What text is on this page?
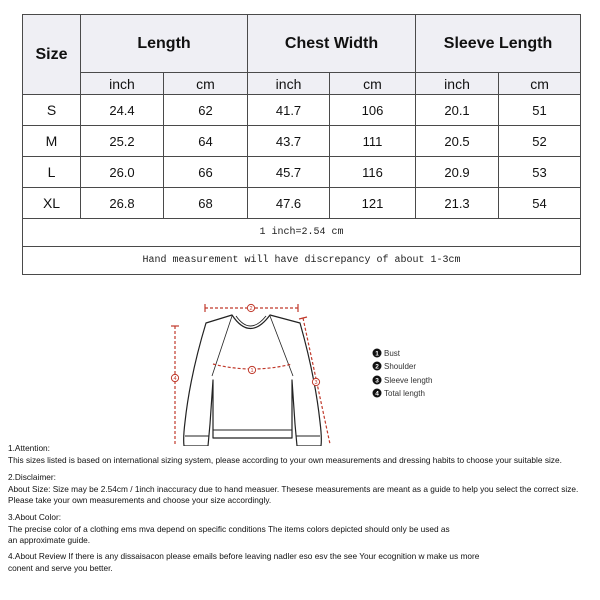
Size	Length		Chest Width		Sleeve Length	
	inch	cm	inch	cm	inch	cm
S	24.4	62	41.7	106	20.1	51
M	25.2	64	43.7	111	20.5	52
L	26.0	66	45.7	116	20.9	53
XL	26.8	68	47.6	121	21.3	54
1 inch=2.54 cm						
Hand measurement will have discrepancy of about 1-3cm						
2
1
4
3
1 Bust
2 Shoulder
3 Sleeve length
4 Total length
1.Attention:
This sizes listed is based on international sizing system, please according to your own measurements and dressing habits to choose your suitable size.
2.Disclaimer:
About Size: Size may be 2.54cm / 1inch inaccuracy due to hand measuer. Thesese measurements are meant as a guide to help you select the correct size.
Please take your own measurements and choose your size accordingly.
3.About Color:
The precise color of a clothing ems mva depend on specific conditions The items colors depicted should only be used as
an approximate guide.
4.About Review If there is any dissaisacon please emails before leaving nadler eso esv the see Your ecognition w make us more
conent and serve you better.
